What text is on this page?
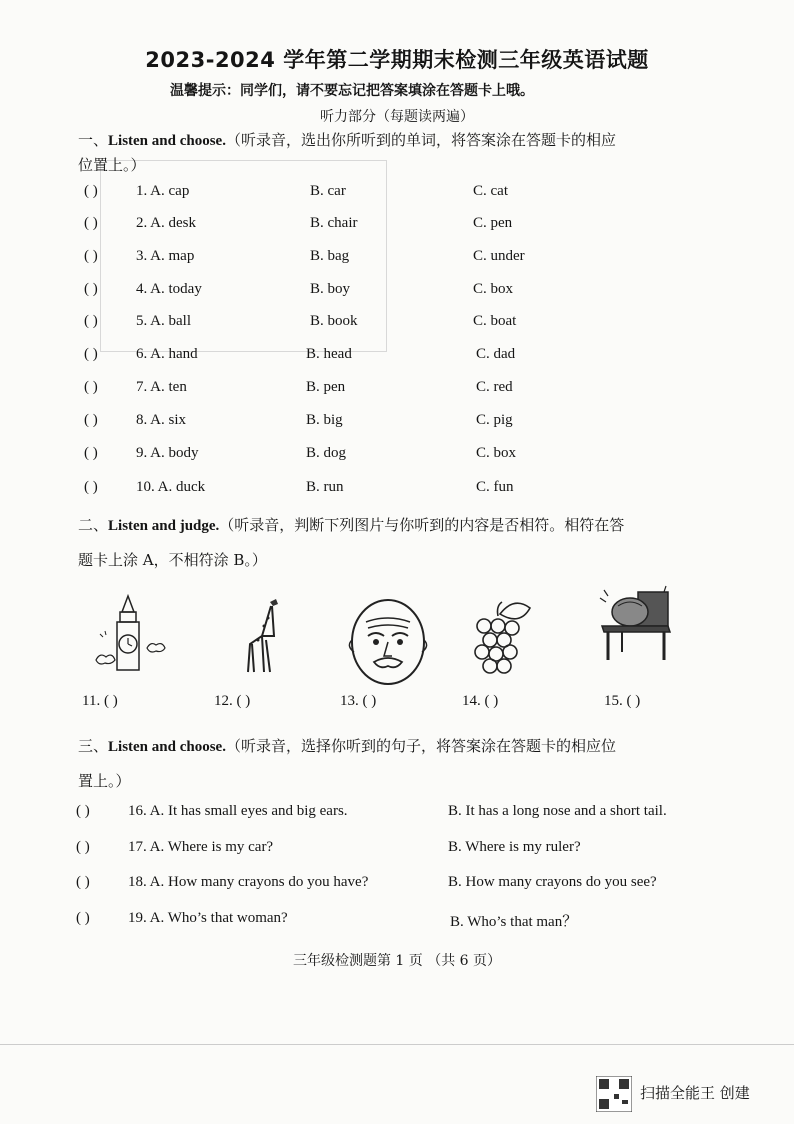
2023-2024 学年第二学期期末检测三年级英语试题
温馨提示：同学们，请不要忘记把答案填涂在答题卡上哦。
听力部分（每题读两遍）
一、Listen and choose.（听录音，选出你所听到的单词，将答案涂在答题卡的相应
位置上。）
( )	1. A. cap	B. car	C. cat
( )	2. A. desk	B. chair	C. pen
( )	3. A. map	B. bag	C. under
( )	4. A. today	B. boy	C. box
( )	5. A. ball	B. book	C. boat
( )	6. A. hand	B. head	C. dad
( )	7. A. ten	B. pen	C. red
( )	8. A. six	B. big	C. pig
( )	9. A. body	B. dog	C. box
( )	10. A. duck	B. run	C. fun
二、Listen and judge.（听录音，判断下列图片与你听到的内容是否相符。相符在答
题卡上涂 A，不相符涂 B。）
11. ( )	12. ( )	13. ( )	14. ( )	15. ( )
三、Listen and choose.（听录音，选择你听到的句子，将答案涂在答题卡的相应位
置上。）
( )	16. A. It has small eyes and big ears.	B. It has a long nose and a short tail.
( )	17. A. Where is my car?	B. Where is my ruler?
( )	18. A. How many crayons do you have?	B. How many crayons do you see?
( )	19. A. Who’s that woman?	B. Who’s that man？
三年级检测题第 1 页 （共 6 页）
扫描全能王 创建
